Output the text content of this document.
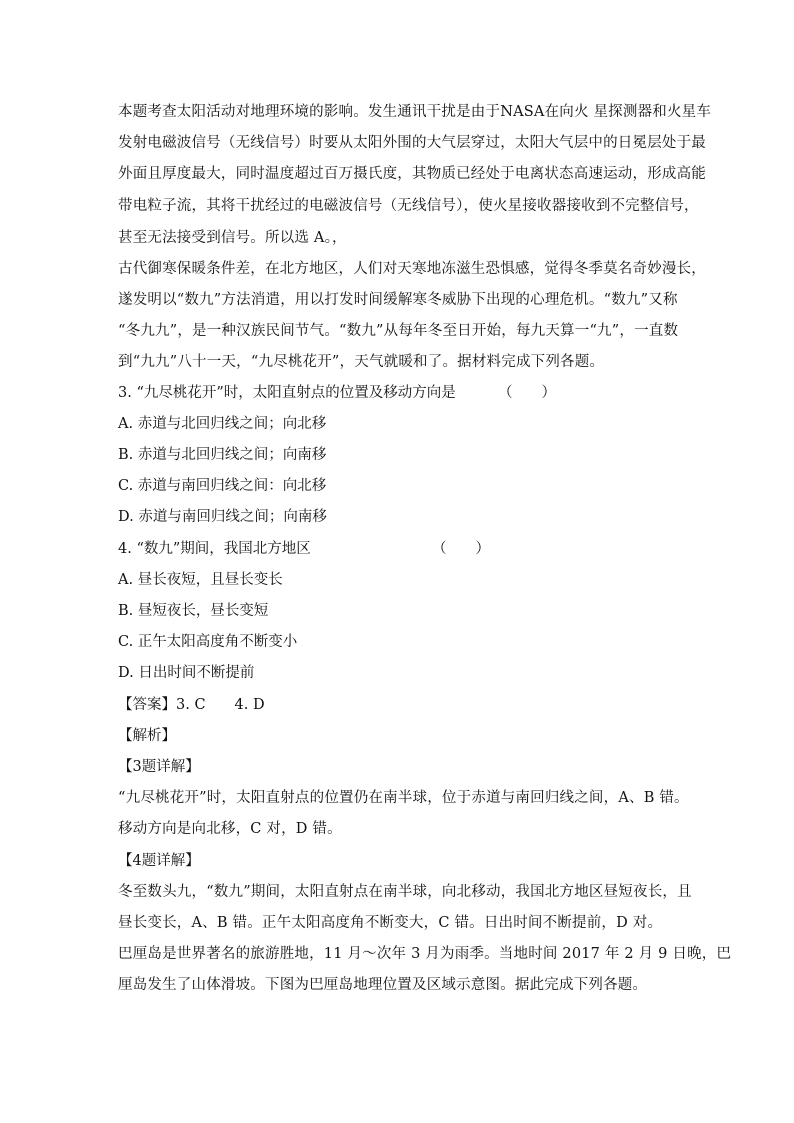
本题考查太阳活动对地理环境的影响。发生通讯干扰是由于NASA在向火 星探测器和火星车
发射电磁波信号（无线信号）时要从太阳外围的大气层穿过，太阳大气层中的日冕层处于最
外面且厚度最大，同时温度超过百万摄氏度，其物质已经处于电离状态高速运动，形成高能
带电粒子流，其将干扰经过的电磁波信号（无线信号），使火星接收器接收到不完整信号，
甚至无法接受到信号。所以选 A。，
古代御寒保暖条件差，在北方地区，人们对天寒地冻滋生恐惧感，觉得冬季莫名奇妙漫长，
遂发明以“数九”方法消遣，用以打发时间缓解寒冬威胁下出现的心理危机。“数九”又称
“冬九九”，是一种汉族民间节气。“数九”从每年冬至日开始，每九天算一“九”，一直数
到“九九”八十一天，“九尽桃花开”，天气就暖和了。据材料完成下列各题。
3. “九尽桃花开”时，太阳直射点的位置及移动方向是	（　　）
A. 赤道与北回归线之间；向北移
B. 赤道与北回归线之间；向南移
C. 赤道与南回归线之间：向北移
D. 赤道与南回归线之间；向南移
4. “数九”期间，我国北方地区	（　　）
A. 昼长夜短，且昼长变长
B. 昼短夜长，昼长变短
C. 正午太阳高度角不断变小
D. 日出时间不断提前
【答案】3. C　　4. D
【解析】
【3题详解】
“九尽桃花开”时，太阳直射点的位置仍在南半球，位于赤道与南回归线之间，A、B 错。
移动方向是向北移，C 对，D 错。
【4题详解】
冬至数头九，“数九”期间，太阳直射点在南半球，向北移动，我国北方地区昼短夜长，且
昼长变长，A、B 错。正午太阳高度角不断变大，C 错。日出时间不断提前，D 对。
巴厘岛是世界著名的旅游胜地，11 月～次年 3 月为雨季。当地时间 2017 年 2 月 9 日晚，巴
厘岛发生了山体滑坡。下图为巴厘岛地理位置及区域示意图。据此完成下列各题。
